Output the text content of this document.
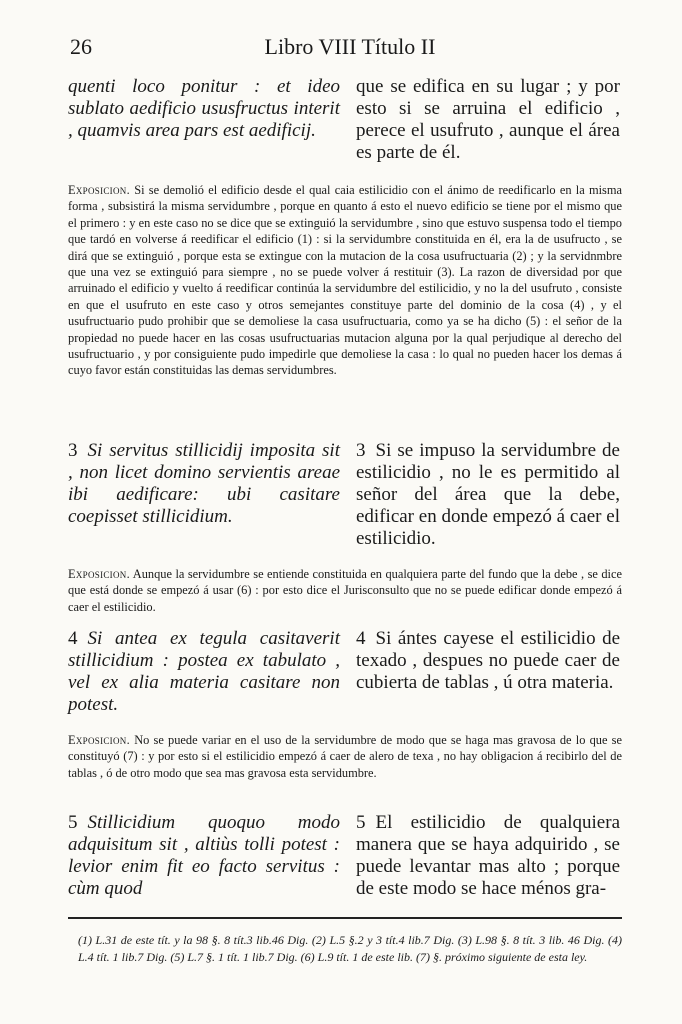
26	Libro VIII Título II
quenti loco ponitur : et ideo sublato aedificio ususfructus interit , quamvis area pars est aedificij.
que se edifica en su lugar ; y por esto si se arruina el edificio , perece el usufruto , aunque el área es parte de él.
Exposicion. Si se demolió el edificio desde el qual caia estilicidio con el ánimo de reedificarlo en la misma forma , subsistirá la misma servidumbre , porque en quanto á esto el nuevo edificio se tiene por el mismo que el primero : y en este caso no se dice que se extinguió la servidumbre , sino que estuvo suspensa todo el tiempo que tardó en volverse á reedificar el edificio (1) : si la servidumbre constituida en él, era la de usufructo , se dirá que se extinguió , porque esta se extingue con la mutacion de la cosa usufructuaria (2) ; y la servidnmbre que una vez se extinguió para siempre , no se puede volver á restituir (3). La razon de diversidad por que arruinado el edificio y vuelto á reedificar continúa la servidumbre del estilicidio, y no la del usufruto , consiste en que el usufruto en este caso y otros semejantes constituye parte del dominio de la cosa (4) , y el usufructuario pudo prohibir que se demoliese la casa usufructuaria, como ya se ha dicho (5) : el señor de la propiedad no puede hacer en las cosas usufructuarias mutacion alguna por la qual perjudique al derecho del usufructuario , y por consiguiente pudo impedirle que demoliese la casa : lo qual no pueden hacer los demas á cuyo favor están constituidas las demas servidumbres.
3 Si servitus stillicidij imposita sit , non licet domino servientis areae ibi aedificare: ubi casitare coepisset stillicidium.
3 Si se impuso la servidumbre de estilicidio , no le es permitido al señor del área que la debe, edificar en donde empezó á caer el estilicidio.
Exposicion. Aunque la servidumbre se entiende constituida en qualquiera parte del fundo que la debe , se dice que está donde se empezó á usar (6) : por esto dice el Jurisconsulto que no se puede edificar donde empezó á caer el estilicidio.
4 Si antea ex tegula casitaverit stillicidium : postea ex tabulato , vel ex alia materia casitare non potest.
4 Si ántes cayese el estilicidio de texado , despues no puede caer de cubierta de tablas , ú otra materia.
Exposicion. No se puede variar en el uso de la servidumbre de modo que se haga mas gravosa de lo que se constituyó (7) : y por esto si el estilicidio empezó á caer de alero de texa , no hay obligacion á recibirlo del de tablas , ó de otro modo que sea mas gravosa esta servidumbre.
5 Stillicidium quoquo modo adquisitum sit , altiùs tolli potest : levior enim fit eo facto servitus : cùm quod
5 El estilicidio de qualquiera manera que se haya adquirido , se puede levantar mas alto ; porque de este modo se hace ménos gra-
(1) L.31 de este tít. y la 98 §. 8 tít.3 lib.46 Dig. (2) L.5 §.2 y 3 tít.4 lib.7 Dig. (3) L.98 §. 8 tít. 3 lib. 46 Dig. (4) L.4 tít. 1 lib.7 Dig. (5) L.7 §. 1 tít. 1 lib.7 Dig. (6) L.9 tít. 1 de este lib. (7) §. próximo siguiente de esta ley.
